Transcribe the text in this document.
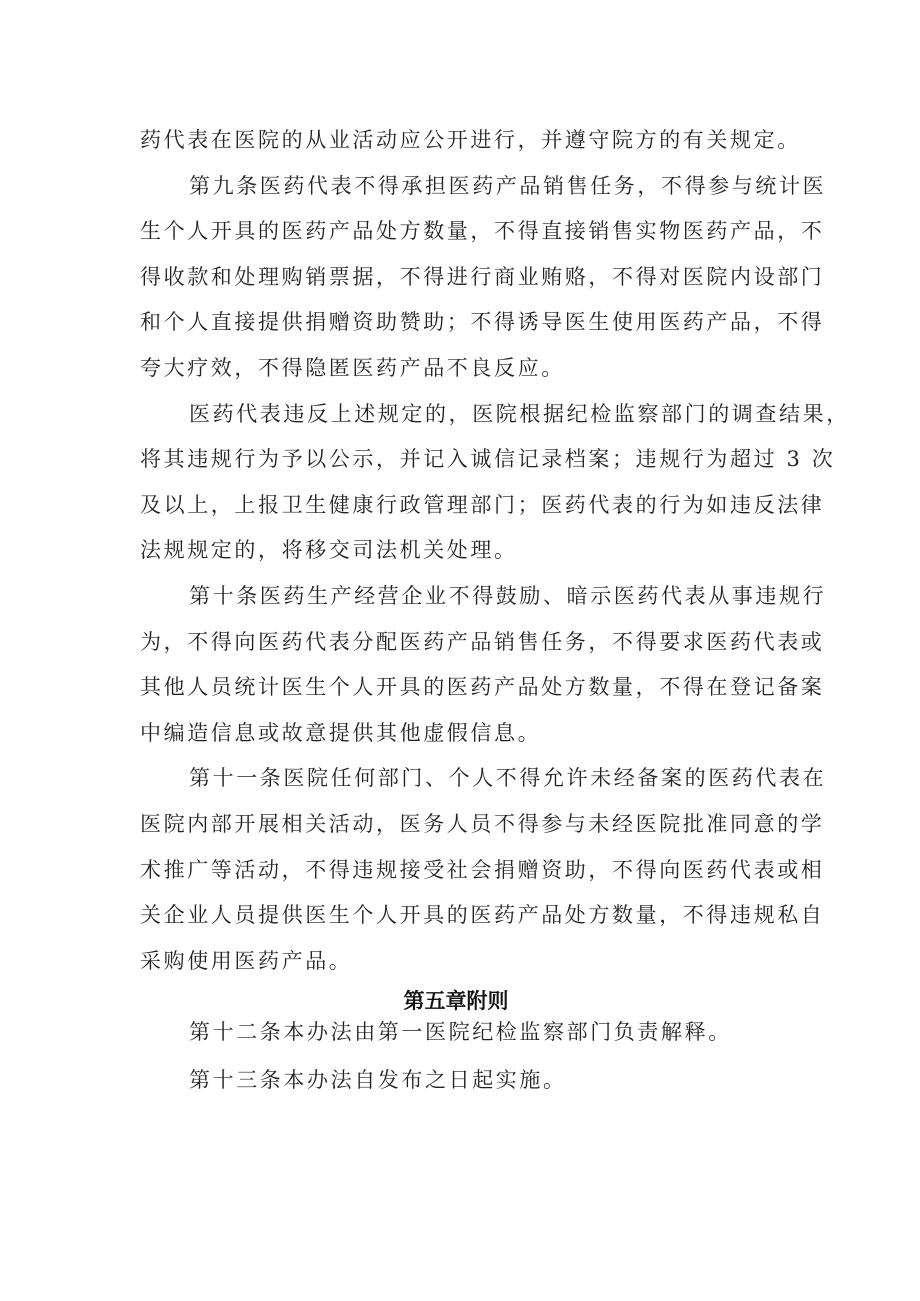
药代表在医院的从业活动应公开进行，并遵守院方的有关规定。
第九条医药代表不得承担医药产品销售任务，不得参与统计医
生个人开具的医药产品处方数量，不得直接销售实物医药产品，不
得收款和处理购销票据，不得进行商业贿赂，不得对医院内设部门
和个人直接提供捐赠资助赞助；不得诱导医生使用医药产品，不得
夸大疗效，不得隐匿医药产品不良反应。
医药代表违反上述规定的，医院根据纪检监察部门的调查结果，
将其违规行为予以公示，并记入诚信记录档案；违规行为超过 3 次
及以上，上报卫生健康行政管理部门；医药代表的行为如违反法律
法规规定的，将移交司法机关处理。
第十条医药生产经营企业不得鼓励、暗示医药代表从事违规行
为，不得向医药代表分配医药产品销售任务，不得要求医药代表或
其他人员统计医生个人开具的医药产品处方数量，不得在登记备案
中编造信息或故意提供其他虚假信息。
第十一条医院任何部门、个人不得允许未经备案的医药代表在
医院内部开展相关活动，医务人员不得参与未经医院批准同意的学
术推广等活动，不得违规接受社会捐赠资助，不得向医药代表或相
关企业人员提供医生个人开具的医药产品处方数量，不得违规私自
采购使用医药产品。
第五章附则
第十二条本办法由第一医院纪检监察部门负责解释。
第十三条本办法自发布之日起实施。
